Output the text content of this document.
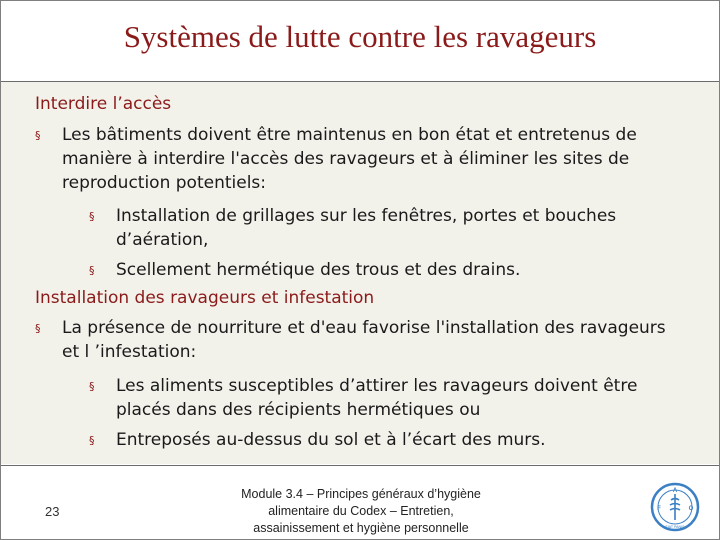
Systèmes de lutte contre les ravageurs
Interdire l’accès
§ Les bâtiments doivent être maintenus en bon état et entretenus de
manière à interdire l'accès des ravageurs et à éliminer les sites de
reproduction potentiels:
§ Installation de grillages sur les fenêtres, portes et bouches
d’aération,
§ Scellement hermétique des trous et des drains.
Installation des ravageurs et infestation
§ La présence de nourriture et d'eau favorise l'installation des ravageurs
et l ’infestation:
§ Les aliments susceptibles d’attirer les ravageurs doivent être
placés dans des récipients hermétiques ou
§ Entreposés au-dessus du sol et à l’écart des murs.
23
Module 3.4 – Principes généraux d’hygiène
alimentaire du Codex – Entretien,
assainissement et hygiène personnelle
A
F	O
FIAT PANIS
